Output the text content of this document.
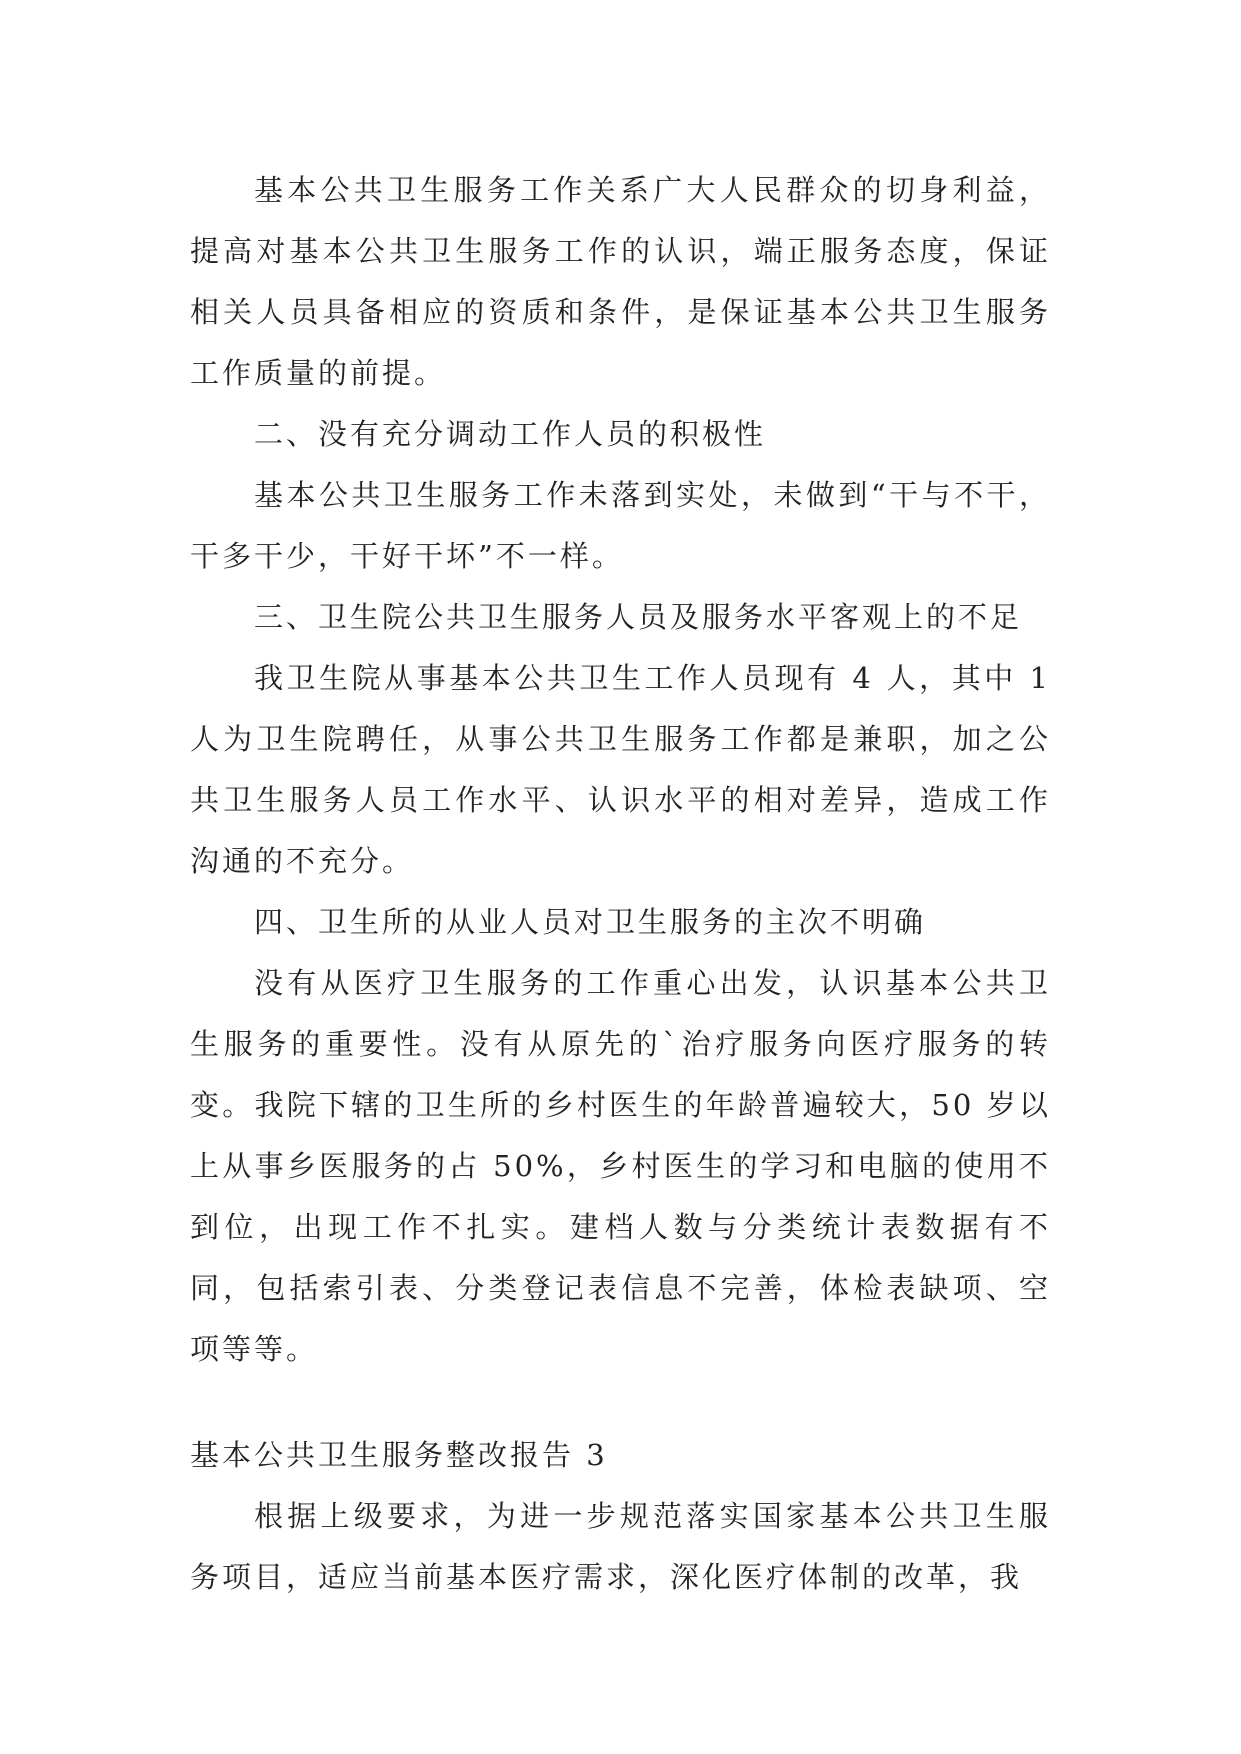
基本公共卫生服务工作关系广大人民群众的切身利益，提高对基本公共卫生服务工作的认识，端正服务态度，保证相关人员具备相应的资质和条件，是保证基本公共卫生服务工作质量的前提。

二、没有充分调动工作人员的积极性

基本公共卫生服务工作未落到实处，未做到“干与不干，干多干少，干好干坏”不一样。

三、卫生院公共卫生服务人员及服务水平客观上的不足

我卫生院从事基本公共卫生工作人员现有 4 人，其中 1 人为卫生院聘任，从事公共卫生服务工作都是兼职，加之公共卫生服务人员工作水平、认识水平的相对差异，造成工作沟通的不充分。

四、卫生所的从业人员对卫生服务的主次不明确

没有从医疗卫生服务的工作重心出发，认识基本公共卫生服务的重要性。没有从原先的`治疗服务向医疗服务的转变。我院下辖的卫生所的乡村医生的年龄普遍较大，50 岁以上从事乡医服务的占 50%，乡村医生的学习和电脑的使用不到位，出现工作不扎实。建档人数与分类统计表数据有不同，包括索引表、分类登记表信息不完善，体检表缺项、空项等等。

基本公共卫生服务整改报告 3

根据上级要求，为进一步规范落实国家基本公共卫生服务项目，适应当前基本医疗需求，深化医疗体制的改革，我
